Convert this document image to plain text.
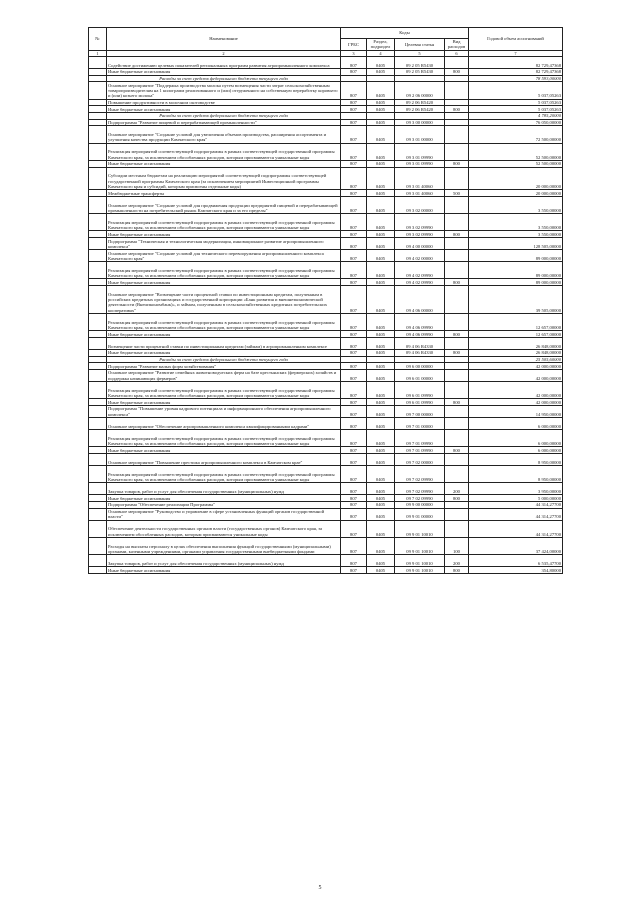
№	Наименование	Коды				Годовой объем ассигнований
		ГРБС	Раздел, подраздел	Целевая статья	Вид расходов	
1	2	3	4	5	6	7
	Содействие достижению целевых показателей региональных программ развития агропромышленного комплекса	807	0405	09 2 05 R5430		82 729,47368
	Иные бюджетные ассигнования	807	0405	09 2 05 R5430	800	82 729,47368
	Расходы за счет средств федерального бюджета текущего года					78 593,00000
	Основное мероприятие "Поддержка производства молока путем возмещения части затрат сельскохозяйственным товаропроизводителям на 1 килограмм реализованного и (или) отгруженного на собственную переработку коровьего и (или) козьего молока"	807	0405	09 2 06 00000		5 037,05263
	Повышение продуктивности в молочном скотоводстве	807	0405	09 2 06 R5420		5 037,05263
	Иные бюджетные ассигнования	807	0405	09 2 06 R5420	800	5 037,05263
	Расходы за счет средств федерального бюджета текущего года					4 785,20000
	Подпрограмма "Развитие пищевой и перерабатывающей промышленности"	807	0405	09 3 00 00000		76 050,00000
	Основное мероприятие "Создание условий для увеличения объемов производства, расширения ассортимента и улучшения качества продукции Камчатского края"	807	0405	09 3 01 00000		72 500,00000
	Реализация мероприятий соответствующей подпрограммы в рамках соответствующей государственной программы Камчатского края, за исключением обособленных расходов, которым присваиваются уникальные коды	807	0405	09 3 01 09990		52 500,00000
	Иные бюджетные ассигнования	807	0405	09 3 01 09990	800	52 500,00000
	Субсидии местным бюджетам на реализацию мероприятий соответствующей подпрограммы соответствующей государственной программы Камчатского края (за исключением мероприятий Инвестиционной программы Камчатского края и субсидий, которым присвоены отдельные коды)	807	0405	09 3 01 40060		20 000,00000
	Межбюджетные трансферты	807	0405	09 3 01 40060	500	20 000,00000
	Основное мероприятие "Создание условий для продвижения продукции предприятий пищевой и перерабатывающей промышленности на потребительский рынок Камчатского края и за его пределы"	807	0405	09 3 02 00000		3 550,00000
	Реализация мероприятий соответствующей подпрограммы в рамках соответствующей государственной программы Камчатского края, за исключением обособленных расходов, которым присваиваются уникальные коды	807	0405	09 3 02 09990		3 550,00000
	Иные бюджетные ассигнования	807	0405	09 3 02 09990	800	3 550,00000
	Подпрограмма "Техническая и технологическая модернизация, инновационное развитие агропромышленного комплекса"	807	0405	09 4 00 00000		128 505,00000
	Основное мероприятие "Создание условий для технического перевооружения агропромышленного комплекса Камчатского края"	807	0405	09 4 02 00000		89 000,00000
	Реализация мероприятий соответствующей подпрограммы в рамках соответствующей государственной программы Камчатского края, за исключением обособленных расходов, которым присваиваются уникальные коды	807	0405	09 4 02 09990		89 000,00000
	Иные бюджетные ассигнования	807	0405	09 4 02 09990	800	89 000,00000
	Основное мероприятие "Возмещение части процентной ставки по инвестиционным кредитам, полученным в российских кредитных организациях и государственной корпорации «Банк развития и внешнеэкономической деятельности (Внешэкономбанк)», и займам, полученным в сельскохозяйственных кредитных потребительских кооперативах"	807	0405	09 4 06 00000		39 505,00000
	Реализация мероприятий соответствующей подпрограммы в рамках соответствующей государственной программы Камчатского края, за исключением обособленных расходов, которым присваиваются уникальные коды	807	0405	09 4 06 09990		12 657,00000
	Иные бюджетные ассигнования	807	0405	09 4 06 09990	800	12 657,00000
	Возмещение части процентной ставки по инвестиционным кредитам (займам) в агропромышленном комплексе	807	0405	09 4 06 R4330		26 848,00000
	Иные бюджетные ассигнования	807	0405	09 4 06 R4330	800	26 848,00000
	Расходы за счет средств федерального бюджета текущего года					25 505,60000
	Подпрограмма "Развитие малых форм хозяйствования"	807	0405	09 6 00 00000		42 000,00000
	Основное мероприятие "Развитие семейных животноводческих ферм на базе крестьянских (фермерских) хозяйств и поддержка начинающих фермеров"	807	0405	09 6 01 00000		42 000,00000
	Реализация мероприятий соответствующей подпрограммы в рамках соответствующей государственной программы Камчатского края, за исключением обособленных расходов, которым присваиваются уникальные коды	807	0405	09 6 01 09990		42 000,00000
	Иные бюджетные ассигнования	807	0405	09 6 01 09990	800	42 000,00000
	Подпрограмма "Повышение уровня кадрового потенциала и информационного обеспечения агропромышленного комплекса"	807	0405	09 7 00 00000		14 950,00000
	Основное мероприятие "Обеспечение агропромышленного комплекса квалифицированными кадрами"	807	0405	09 7 01 00000		6 000,00000
	Реализация мероприятий соответствующей подпрограммы в рамках соответствующей государственной программы Камчатского края, за исключением обособленных расходов, которым присваиваются уникальные коды	807	0405	09 7 01 09990		6 000,00000
	Иные бюджетные ассигнования	807	0405	09 7 01 09990	800	6 000,00000
	Основное мероприятие "Повышение престижа агропромышленного комплекса в Камчатском крае"	807	0405	09 7 02 00000		8 950,00000
	Реализация мероприятий соответствующей подпрограммы в рамках соответствующей государственной программы Камчатского края, за исключением обособленных расходов, которым присваиваются уникальные коды	807	0405	09 7 02 09990		8 950,00000
	Закупка товаров, работ и услуг для обеспечения государственных (муниципальных) нужд	807	0405	09 7 02 09990	200	3 950,00000
	Иные бюджетные ассигнования	807	0405	09 7 02 09990	800	5 000,00000
	Подпрограмма "Обеспечение реализации Программы"	807	0405	09 9 00 00000		44 314,27700
	Основное мероприятие "Руководство и управление в сфере установленных функций органов государственной власти"	807	0405	09 9 01 00000		44 314,27700
	Обеспечение деятельности государственных органов власти (государственных органов) Камчатского края, за исключением обособленных расходов, которым присваиваются уникальные коды	807	0405	09 9 01 10010		44 314,27700
	Расходы на выплаты персоналу в целях обеспечения выполнения функций государственными (муниципальными) органами, казенными учреждениями, органами управления государственными внебюджетными фондами	807	0405	09 9 01 10010	100	37 424,00000
	Закупка товаров, работ и услуг для обеспечения государственных (муниципальных) нужд	807	0405	09 9 01 10010	200	6 535,47700
	Иные бюджетные ассигнования	807	0405	09 9 01 10010	800	354,80000
5
